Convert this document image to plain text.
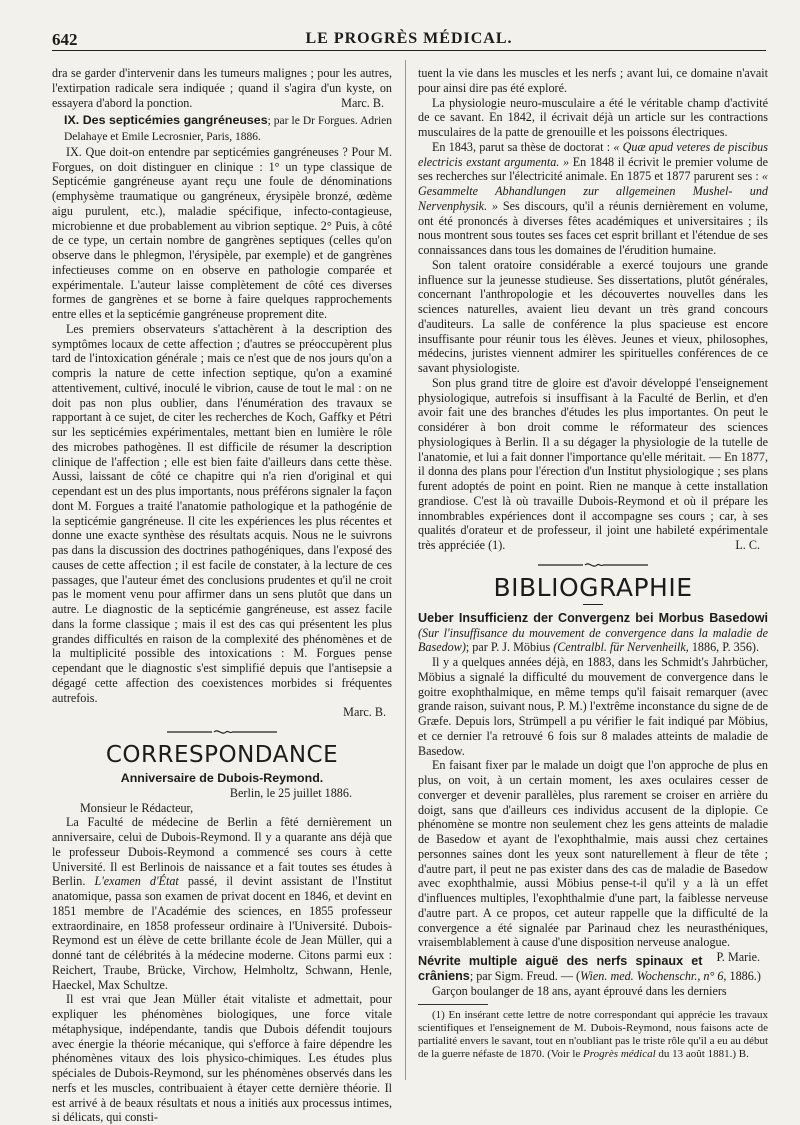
642	LE PROGRÈS MÉDICAL.

dra se garder d'intervenir dans les tumeurs malignes ; pour les autres, l'extirpation radicale sera indiquée ; quand il s'agira d'un kyste, on essayera d'abord la ponction.	Marc. B.

IX. Des septicémies gangréneuses; par le Dr Forgues. Adrien Delahaye et Emile Lecrosnier, Paris, 1886.

IX. Que doit-on entendre par septicémies gangréneuses ? Pour M. Forgues, on doit distinguer en clinique : 1° un type classique de Septicémie gangréneuse ayant reçu une foule de dénominations (emphysème traumatique ou gangréneux, érysipèle bronzé, œdème aigu purulent, etc.), maladie spécifique, infecto-contagieuse, microbienne et due probablement au vibrion septique. 2° Puis, à côté de ce type, un certain nombre de gangrènes septiques (celles qu'on observe dans le phlegmon, l'érysipèle, par exemple) et de gangrènes infectieuses comme on en observe en pathologie comparée et expérimentale. L'auteur laisse complètement de côté ces diverses formes de gangrènes et se borne à faire quelques rapprochements entre elles et la septicémie gangréneuse proprement dite.

Les premiers observateurs s'attachèrent à la description des symptômes locaux de cette affection ; d'autres se préoccupèrent plus tard de l'intoxication générale ; mais ce n'est que de nos jours qu'on a compris la nature de cette infection septique, qu'on a examiné attentivement, cultivé, inoculé le vibrion, cause de tout le mal : on ne doit pas non plus oublier, dans l'énumération des travaux se rapportant à ce sujet, de citer les recherches de Koch, Gaffky et Pétri sur les septicémies expérimentales, mettant bien en lumière le rôle des microbes pathogènes. Il est difficile de résumer la description clinique de l'affection ; elle est bien faite d'ailleurs dans cette thèse. Aussi, laissant de côté ce chapitre qui n'a rien d'original et qui cependant est un des plus importants, nous préférons signaler la façon dont M. Forgues a traité l'anatomie pathologique et la pathogénie de la septicémie gangréneuse. Il cite les expériences les plus récentes et donne une exacte synthèse des résultats acquis. Nous ne le suivrons pas dans la discussion des doctrines pathogéniques, dans l'exposé des causes de cette affection ; il est facile de constater, à la lecture de ces passages, que l'auteur émet des conclusions prudentes et qu'il ne croit pas le moment venu pour affirmer dans un sens plutôt que dans un autre. Le diagnostic de la septicémie gangréneuse, est assez facile dans la forme classique ; mais il est des cas qui présentent les plus grandes difficultés en raison de la complexité des phénomènes et de la multiplicité possible des intoxications : M. Forgues pense cependant que le diagnostic s'est simplifié depuis que l'antisepsie a dégagé cette affection des coexistences morbides si fréquentes autrefois.

Marc. B.

CORRESPONDANCE
Anniversaire de Dubois-Reymond.
Berlin, le 25 juillet 1886.

Monsieur le Rédacteur,

La Faculté de médecine de Berlin a fêté dernièrement un anniversaire, celui de Dubois-Reymond. Il y a quarante ans déjà que le professeur Dubois-Reymond a commencé ses cours à cette Université. Il est Berlinois de naissance et a fait toutes ses études à Berlin. L'examen d'État passé, il devint assistant de l'Institut anatomique, passa son examen de privat docent en 1846, et devint en 1851 membre de l'Académie des sciences, en 1855 professeur extraordinaire, en 1858 professeur ordinaire à l'Université. Dubois-Reymond est un élève de cette brillante école de Jean Müller, qui a donné tant de célébrités à la médecine moderne. Citons parmi eux : Reichert, Traube, Brücke, Virchow, Helmholtz, Schwann, Henle, Haeckel, Max Schultze.

Il est vrai que Jean Müller était vitaliste et admettait, pour expliquer les phénomènes biologiques, une force vitale métaphysique, indépendante, tandis que Dubois défendit toujours avec énergie la théorie mécanique, qui s'efforce à faire dépendre les phénomènes vitaux des lois physico-chimiques. Les études plus spéciales de Dubois-Reymond, sur les phénomènes observés dans les nerfs et les muscles, contribuaient à étayer cette dernière théorie. Il est arrivé à de beaux résultats et nous a initiés aux processus intimes, si délicats, qui consti-

tuent la vie dans les muscles et les nerfs ; avant lui, ce domaine n'avait pour ainsi dire pas été exploré.

La physiologie neuro-musculaire a été le véritable champ d'activité de ce savant. En 1842, il écrivait déjà un article sur les contractions musculaires de la patte de grenouille et les poissons électriques.

En 1843, parut sa thèse de doctorat : « Quæ apud veteres de piscibus electricis exstant argumenta. » En 1848 il écrivit le premier volume de ses recherches sur l'électricité animale. En 1875 et 1877 parurent ses : « Gesammelte Abhandlungen zur allgemeinen Mushel- und Nervenphysik. » Ses discours, qu'il a réunis dernièrement en volume, ont été prononcés à diverses fêtes académiques et universitaires ; ils nous montrent sous toutes ses faces cet esprit brillant et l'étendue de ses connaissances dans tous les domaines de l'érudition humaine.

Son talent oratoire considérable a exercé toujours une grande influence sur la jeunesse studieuse. Ses dissertations, plutôt générales, concernant l'anthropologie et les découvertes nouvelles dans les sciences naturelles, avaient lieu devant un très grand concours d'auditeurs. La salle de conférence la plus spacieuse est encore insuffisante pour réunir tous les élèves. Jeunes et vieux, philosophes, médecins, juristes viennent admirer les spirituelles conférences de ce savant physiologiste.

Son plus grand titre de gloire est d'avoir développé l'enseignement physiologique, autrefois si insuffisant à la Faculté de Berlin, et d'en avoir fait une des branches d'études les plus importantes. On peut le considérer à bon droit comme le réformateur des sciences physiologiques à Berlin. Il a su dégager la physiologie de la tutelle de l'anatomie, et lui a fait donner l'importance qu'elle méritait. — En 1877, il donna des plans pour l'érection d'un Institut physiologique ; ses plans furent adoptés de point en point. Rien ne manque à cette installation grandiose. C'est là où travaille Dubois-Reymond et où il prépare les innombrables expériences dont il accompagne ses cours ; car, à ses qualités d'orateur et de professeur, il joint une habileté expérimentale très appréciée (1).	L. C.

BIBLIOGRAPHIE

Ueber Insufficienz der Convergenz bei Morbus Basedowi (Sur l'insuffisance du mouvement de convergence dans la maladie de Basedow); par P. J. Möbius (Centralbl. für Nervenheilk, 1886, P. 356).

Il y a quelques années déjà, en 1883, dans les Schmidt's Jahrbücher, Möbius a signalé la difficulté du mouvement de convergence dans le goitre exophthalmique, en même temps qu'il faisait remarquer (avec grande raison, suivant nous, P. M.) l'extrême inconstance du signe de de Græfe. Depuis lors, Strümpell a pu vérifier le fait indiqué par Möbius, et ce dernier l'a retrouvé 6 fois sur 8 malades atteints de maladie de Basedow.

En faisant fixer par le malade un doigt que l'on approche de plus en plus, on voit, à un certain moment, les axes oculaires cesser de converger et devenir parallèles, plus rarement se croiser en arrière du doigt, sans que d'ailleurs ces individus accusent de la diplopie. Ce phénomène se montre non seulement chez les gens atteints de maladie de Basedow et ayant de l'exophthalmie, mais aussi chez certaines personnes saines dont les yeux sont naturellement à fleur de tête ; d'autre part, il peut ne pas exister dans des cas de maladie de Basedow avec exophthalmie, aussi Möbius pense-t-il qu'il y a là un effet d'influences multiples, l'exophthalmie d'une part, la faiblesse nerveuse d'autre part. A ce propos, cet auteur rappelle que la difficulté de la convergence a été signalée par Parinaud chez les neurasthéniques, vraisemblablement à cause d'une disposition nerveuse analogue.
P. Marie.

Névrite multiple aiguë des nerfs spinaux et crâniens; par Sigm. Freud. — (Wien. med. Wochenschr., n° 6, 1886.)

Garçon boulanger de 18 ans, ayant éprouvé dans les derniers

(1) En insérant cette lettre de notre correspondant qui apprécie les travaux scientifiques et l'enseignement de M. Dubois-Reymond, nous faisons acte de partialité envers le savant, tout en n'oubliant pas le triste rôle qu'il a eu au début de la guerre néfaste de 1870. (Voir le Progrès médical du 13 août 1881.) B.
